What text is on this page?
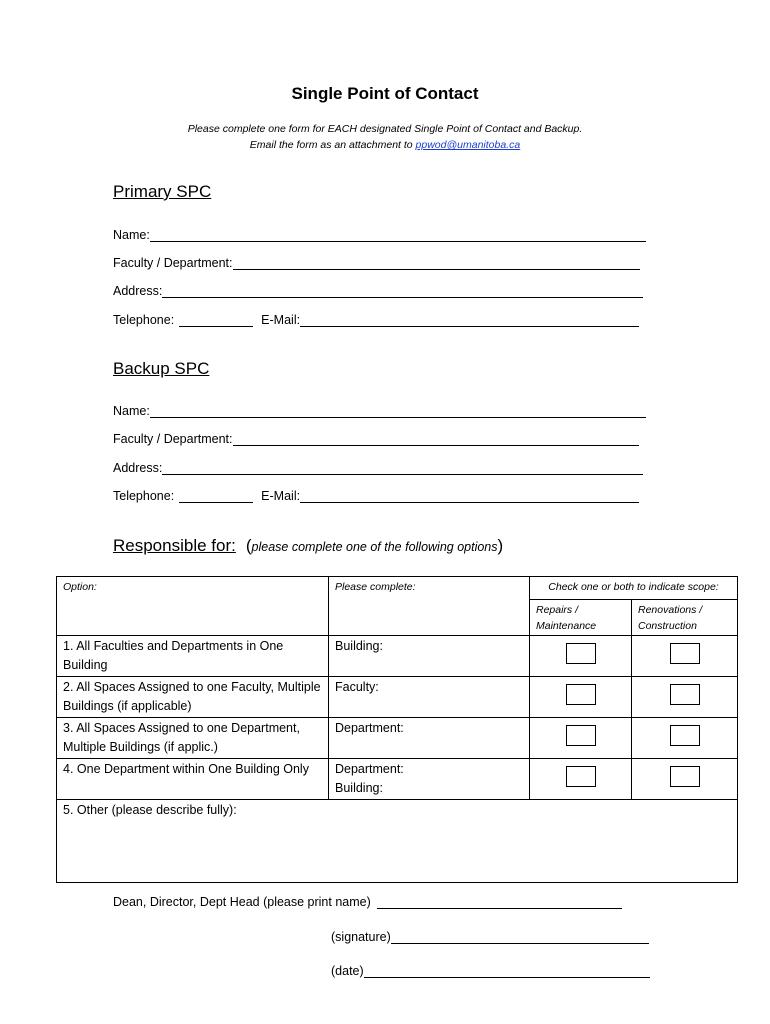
Single Point of Contact
Please complete one form for EACH designated Single Point of Contact and Backup.
Email the form as an attachment to ppwod@umanitoba.ca
Primary SPC
Name:
Faculty / Department:
Address:
Telephone:	E-Mail:
Backup SPC
Name:
Faculty / Department:
Address:
Telephone:	E-Mail:
Responsible for: (please complete one of the following options)
Option:	Please complete:	Check one or both to indicate scope:	
		Repairs / Maintenance	Renovations / Construction
1. All Faculties and Departments in One Building	Building:		
2. All Spaces Assigned to one Faculty, Multiple Buildings (if applicable)	Faculty:		
3. All Spaces Assigned to one Department, Multiple Buildings (if applic.)	Department:		
4. One Department within One Building Only	Department:
Building:		

5. Other (please describe fully):			
Dean, Director, Dept Head (please print name)
(signature)
(date)
